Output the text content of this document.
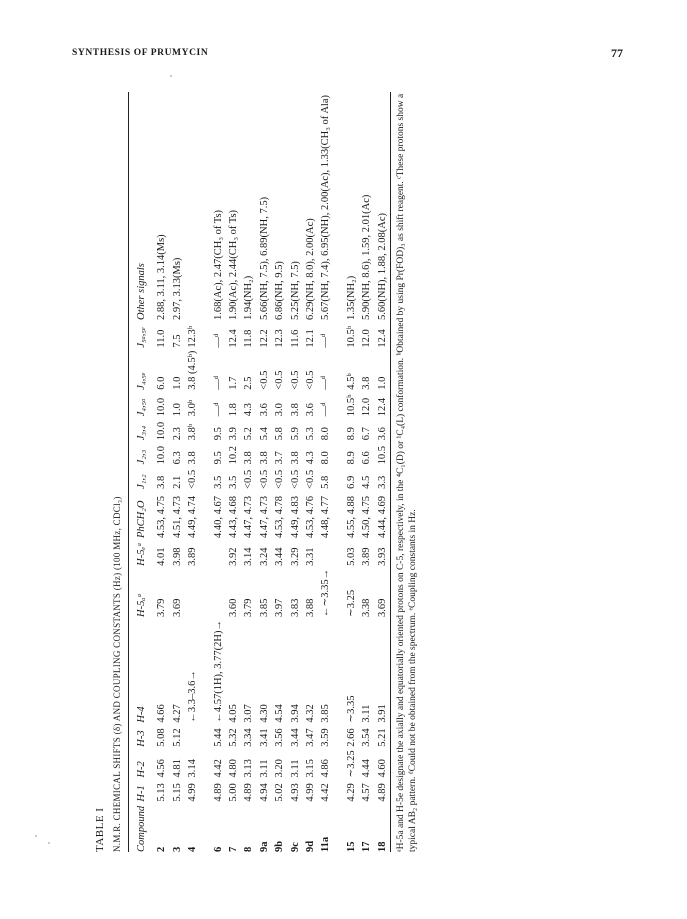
SYNTHESIS OF PRUMYCIN	77
TABLE I N.M.R. CHEMICAL SHIFTS (δ) AND COUPLING CONSTANTS (Hz) (100 MHz, CDCl₃) Compound	H-1	H-2	H-3	H-4	H-5ₐᵃ	H-5ₑᵃ	PhCH₂O	J₁,₂	J₂,₃	J₃,₄	J₄,₅ₐ	J₄,₅ₑ	J₅ₐ,₅ₑ	Other signals
2	5.13	4.56	5.08	4.66	3.79	4.01	4.53, 4.75	3.8	10.0	10.0	10.0	6.0	11.0	2.88, 3.11, 3.14(Ms)
3	5.15	4.81	5.12	4.27	3.69	3.98	4.51, 4.73	2.1	6.3	2.3	1.0	1.0	7.5	2.97, 3.13(Ms)
4	4.99	3.14		←3.3–3.6→		3.89	4.49, 4.74	<0.5	3.8	3.8ᵇ	3.0ᵇ	3.8 (4.5ᵇ)	12.3ᵇ	

6	4.89	4.42	5.44	←4.57(1H), 3.77(2H)→			4.40, 4.67	3.5	9.5	9.5	—ᵈ	—ᵈ	—ᵈ	1.68(Ac), 2.47(CH₃ of Ts)
7	5.00	4.80	5.32	4.05	3.60	3.92	4.43, 4.68	3.5	10.2	3.9	1.8	1.7	12.4	1.90(Ac), 2.44(CH₃ of Ts)
8	4.89	3.13	3.34	3.07	3.79	3.14	4.47, 4.73	<0.5	3.8	5.2	4.3	2.5	11.8	1.94(NH₂)
9a	4.94	3.11	3.41	4.30	3.85	3.24	4.47, 4.73	<0.5	3.8	5.4	3.6	<0.5	12.2	5.66(NH, 7.5), 6.89(NH, 7.5)
9b	5.02	3.20	3.56	4.54	3.97	3.44	4.53, 4.78	<0.5	3.7	5.8	3.0	<0.5	12.3	6.86(NH, 9.5)
9c	4.93	3.11	3.44	3.94	3.83	3.29	4.49, 4.83	<0.5	3.8	5.9	3.8	<0.5	11.6	5.25(NH, 7.5)
9d	4.99	3.15	3.47	4.32	3.88	3.31	4.53, 4.76	<0.5	4.3	5.3	3.6	<0.5	12.1	6.29(NH, 8.0), 2.00(Ac)
11a	4.42	4.86	3.59	3.85	←∼3.35→		4.48, 4.77	5.8	8.0	8.0	—ᵈ	—ᵈ	—ᵈ	5.67(NH, 7.4), 6.95(NH), 2.00(Ac), 1.33(CH₃ of Ala)

15	4.29	∼3.25	2.66	∼3.35	∼3.25	5.03	4.55, 4.88	6.9	8.9	8.9	10.5ᵇ	4.5ᵇ	10.5ᵇ	1.35(NH₂)
17	4.57	4.44	3.54	3.11	3.38	3.89	4.50, 4.75	4.5	6.6	6.7	12.0	3.8	12.0	5.90(NH, 8.6), 1.59, 2.01(Ac)
18	4.89	4.60	5.21	3.91	3.69	3.93	4.44, 4.69	3.3	10.5	3.6	12.4	1.0	12.4	5.60(NH), 1.88, 2.08(Ac) ᵃH-5a and H-5e designate the axially and equatorially oriented protons on C-5, respectively, in the ⁴C₁(D) or ¹C₄(L) conformation. ᵇObtained by using Pr(FOD)₃ as shift reagent. ᶜThese protons show a typical AB₂ pattern. ᵈCould not be obtained from the spectrum. ᵉCoupling constants in Hz.
